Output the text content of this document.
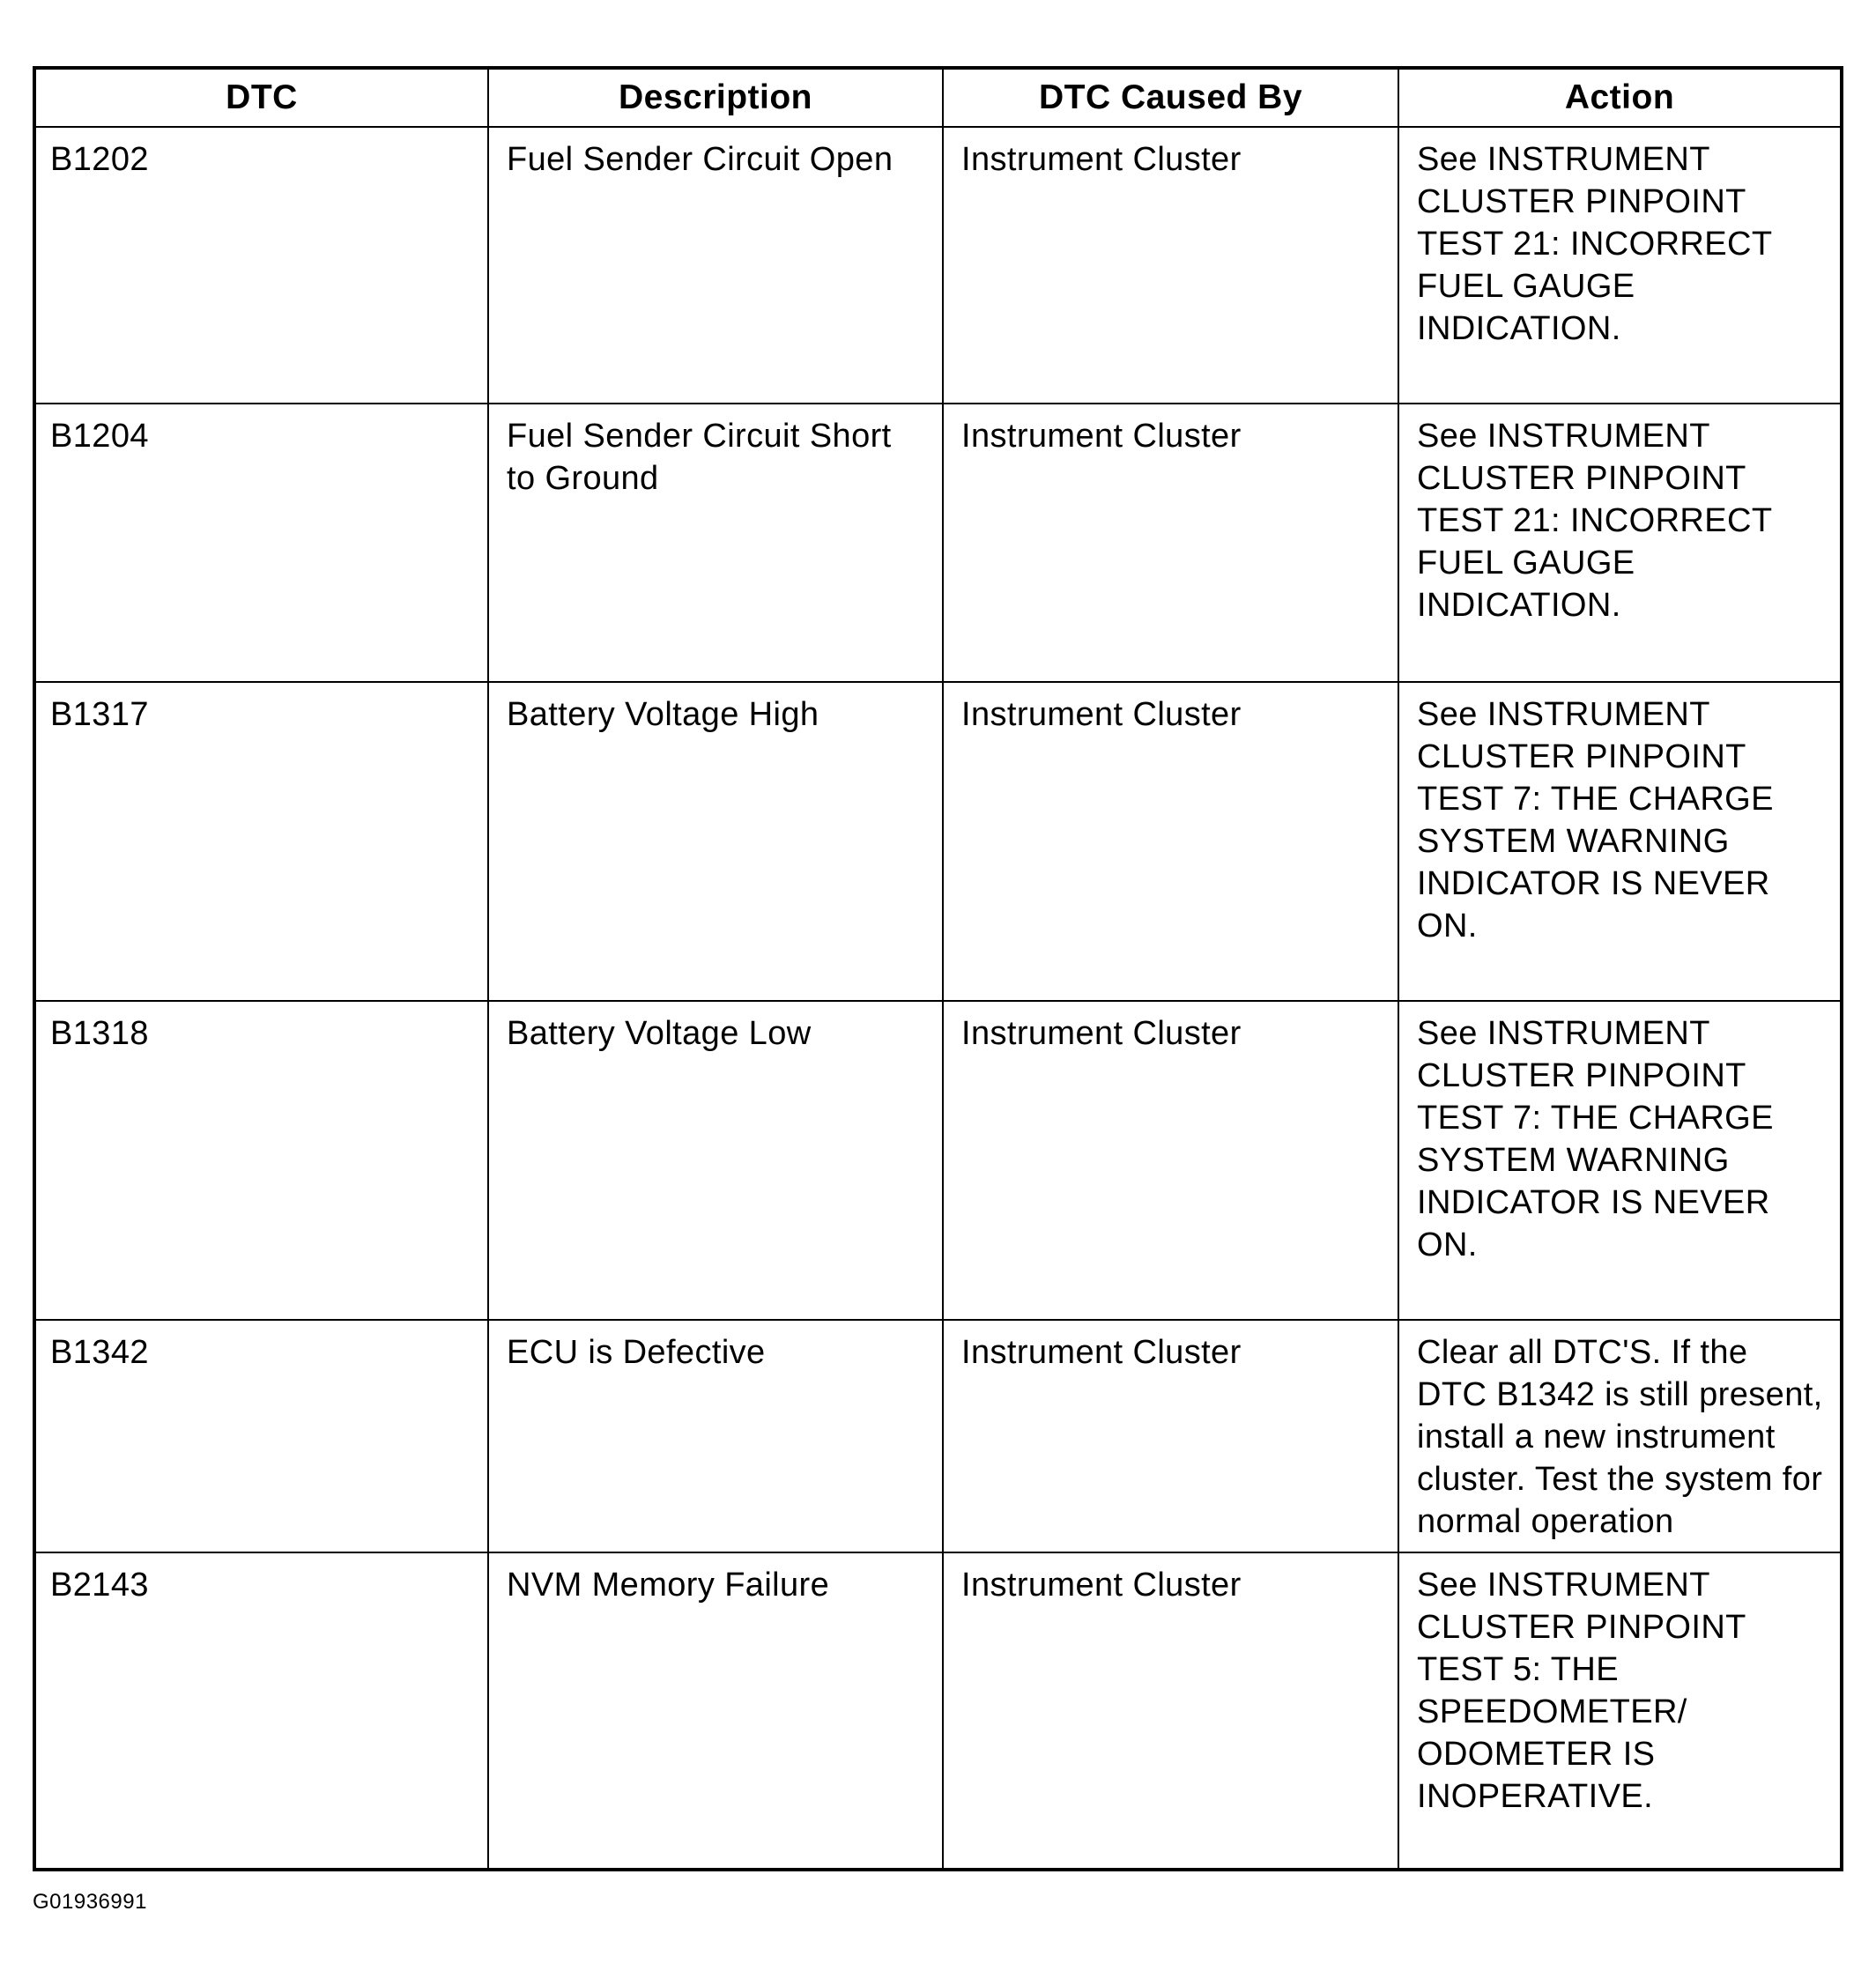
DTC	Description	DTC Caused By	Action
B1202	Fuel Sender Circuit Open	Instrument Cluster	See INSTRUMENT CLUSTER PINPOINT TEST 21: INCORRECT FUEL GAUGE INDICATION.
B1204	Fuel Sender Circuit Short to Ground	Instrument Cluster	See INSTRUMENT CLUSTER PINPOINT TEST 21: INCORRECT FUEL GAUGE INDICATION.
B1317	Battery Voltage High	Instrument Cluster	See INSTRUMENT CLUSTER PINPOINT TEST 7: THE CHARGE SYSTEM WARNING INDICATOR IS NEVER ON.
B1318	Battery Voltage Low	Instrument Cluster	See INSTRUMENT CLUSTER PINPOINT TEST 7: THE CHARGE SYSTEM WARNING INDICATOR IS NEVER ON.
B1342	ECU is Defective	Instrument Cluster	Clear all DTC'S. If the DTC B1342 is still present, install a new instrument cluster. Test the system for normal operation
B2143	NVM Memory Failure	Instrument Cluster	See INSTRUMENT CLUSTER PINPOINT TEST 5: THE SPEEDOMETER/ ODOMETER IS INOPERATIVE.
G01936991
